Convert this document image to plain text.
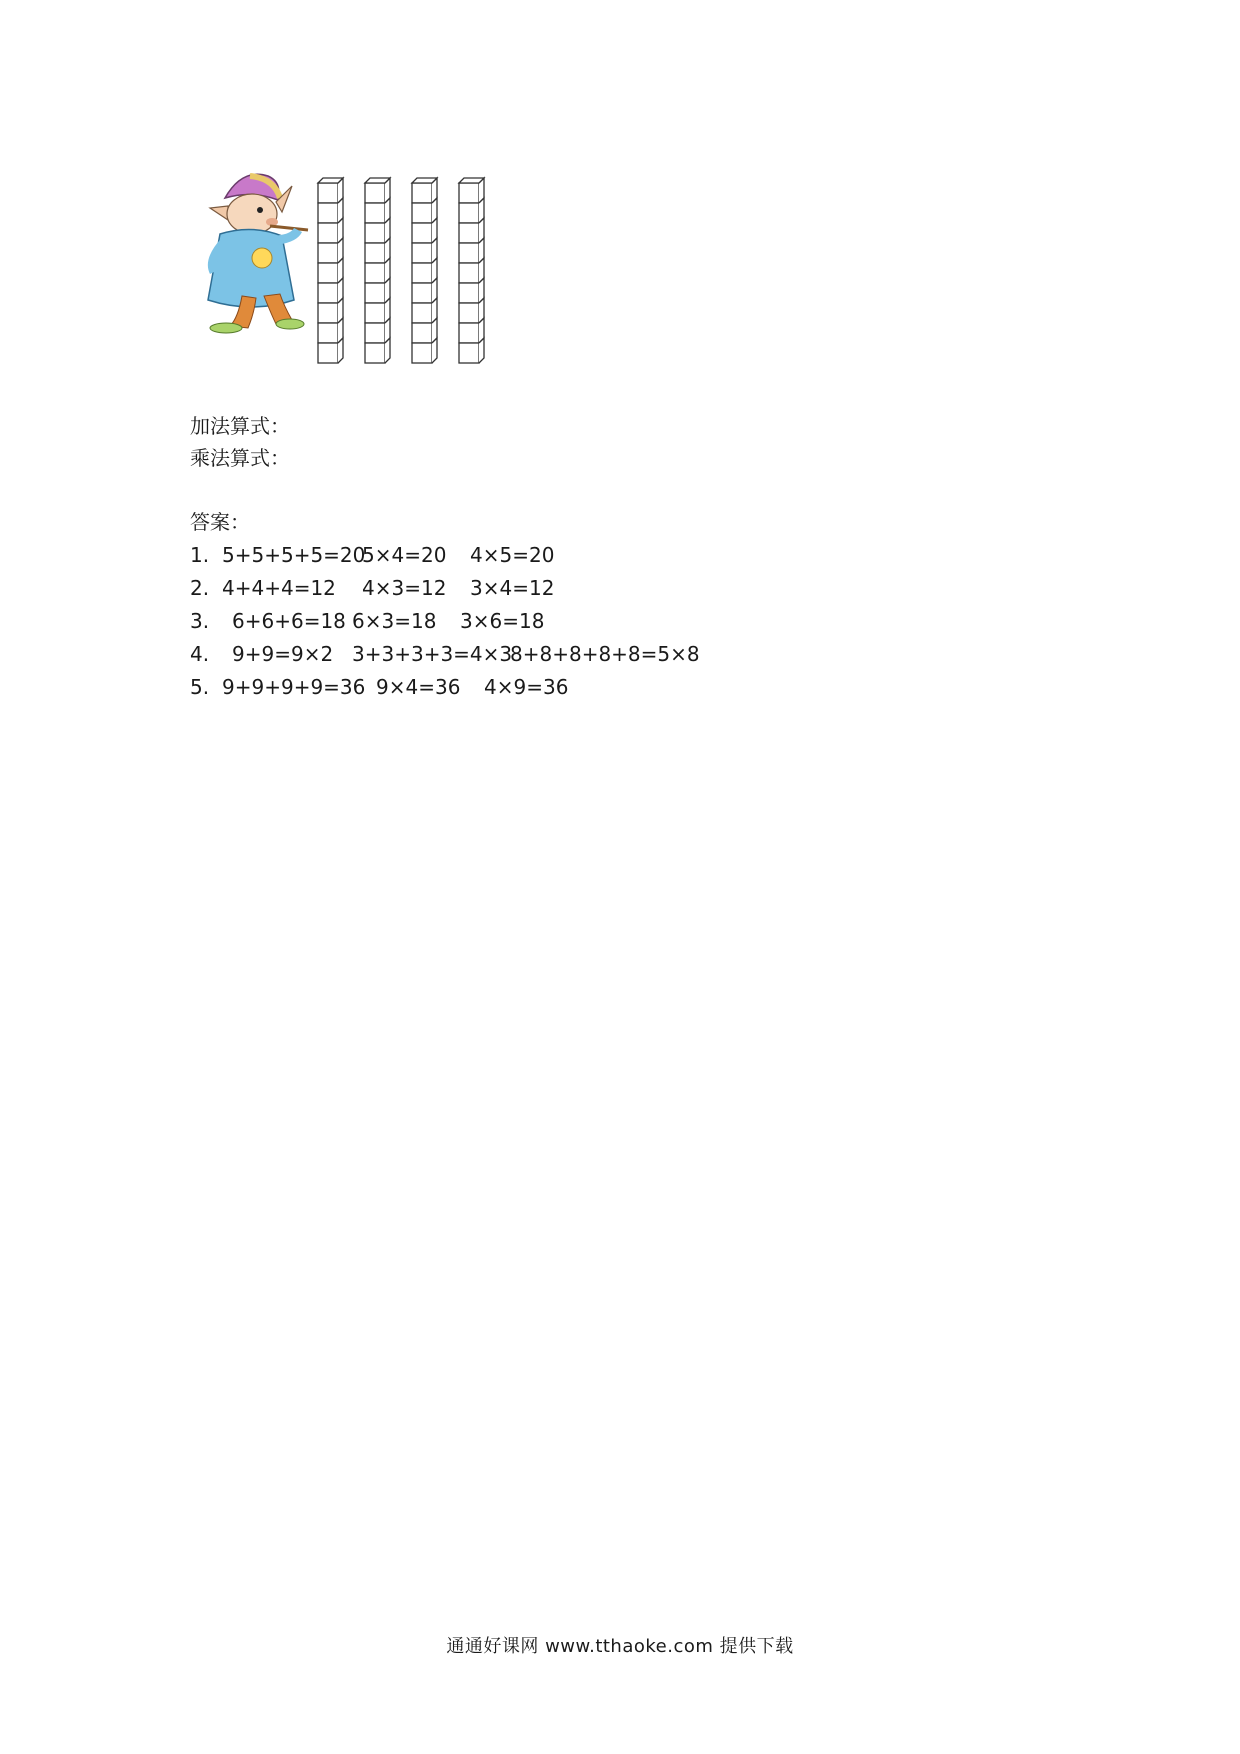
加法算式：
乘法算式：
答案：
1. 5+5+5+5=20
5×4=20 4×5=20
2. 4+4+4=12 4×3=12 3×4=12
3. 6+6+6=18 6×3=18 3×6=18
4. 9+9=9×2 3+3+3+3=4×3
8+8+8+8+8=5×8
5. 9+9+9+9=36 9×4=36 4×9=36
通通好课网 www.tthaoke.com 提供下载
